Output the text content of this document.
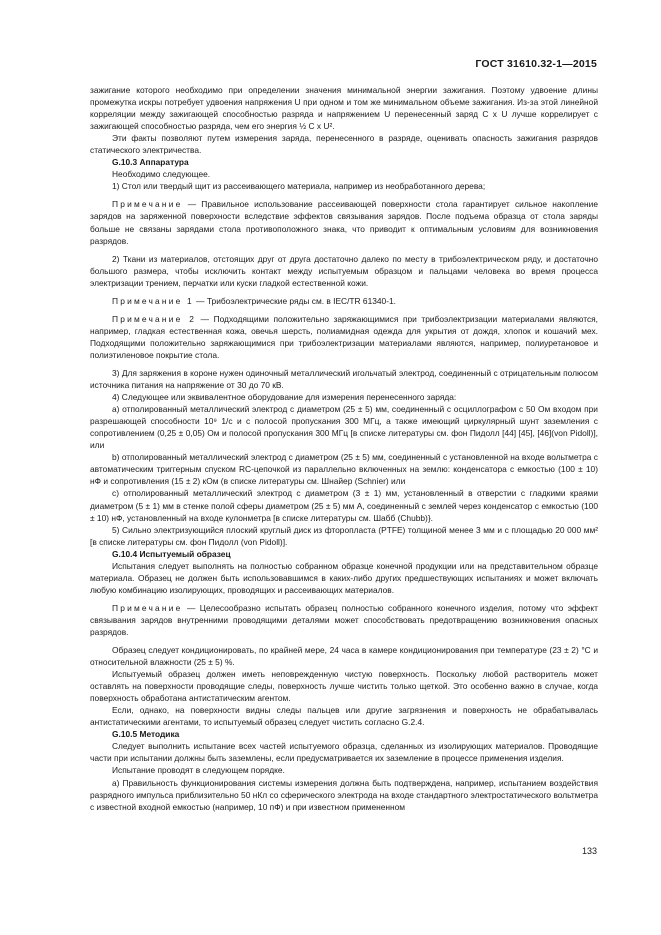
ГОСТ 31610.32-1—2015

зажигание которого необходимо при определении значения минимальной энергии зажигания. Поэтому удвоение длины промежутка искры потребует удвоения напряжения U при одном и том же минимальном объеме зажигания. Из-за этой линейной корреляции между зажигающей способностью разряда и напряжением U перенесенный заряд C x U лучше коррелирует с зажигающей способностью разряда, чем его энергия ½ C x U².

Эти факты позволяют путем измерения заряда, перенесенного в разряде, оценивать опасность зажигания разрядов статического электричества.

G.10.3 Аппаратура

Необходимо следующее.

1) Стол или твердый щит из рассеивающего материала, например из необработанного дерева;

Примечание — Правильное использование рассеивающей поверхности стола гарантирует сильное накопление зарядов на заряженной поверхности вследствие эффектов связывания зарядов. После подъема образца от стола заряды больше не связаны зарядами стола противоположного знака, что приводит к оптимальным условиям для возникновения разрядов.

2) Ткани из материалов, отстоящих друг от друга достаточно далеко по месту в трибоэлектрическом ряду, и достаточно большого размера, чтобы исключить контакт между испытуемым образцом и пальцами человека во время процесса электризации трением, перчатки или куски гладкой естественной кожи.

Примечание 1 — Трибоэлектрические ряды см. в IEC/TR 61340-1.

Примечание 2 — Подходящими положительно заряжающимися при трибоэлектризации материалами являются, например, гладкая естественная кожа, овечья шерсть, полиамидная одежда для укрытия от дождя, хлопок и кошачий мех. Подходящими положительно заряжающимися при трибоэлектризации материалами являются, например, полиуретановое и полиэтиленовое покрытие стола.

3) Для заряжения в короне нужен одиночный металлический игольчатый электрод, соединенный с отрицательным полюсом источника питания на напряжение от 30 до 70 кВ.

4) Следующее или эквивалентное оборудование для измерения перенесенного заряда:

а) отполированный металлический электрод с диаметром (25 ± 5) мм, соединенный с осциллографом с 50 Ом входом при разрешающей способности 10⁹ 1/с и с полосой пропускания 300 МГц, а также имеющий циркулярный шунт заземления с сопротивлением (0,25 ± 0,05) Ом и полосой пропускания 300 МГц [в списке литературы см. фон Пидолл [44] [45], [46](von Pidoll)], или

b) отполированный металлический электрод с диаметром (25 ± 5) мм, соединенный с установленной на входе вольтметра с автоматическим триггерным спуском RC-цепочкой из параллельно включенных на землю: конденсатора с емкостью (100 ± 10) нФ и сопротивления (15 ± 2) кОм (в списке литературы см. Шнайер (Schnier) или

c) отполированный металлический электрод с диаметром (3 ± 1) мм, установленный в отверстии с гладкими краями диаметром (5 ± 1) мм в стенке полой сферы диаметром (25 ± 5) мм А, соединенный с землей через конденсатор с емкостью (100 ± 10) нФ, установленный на входе кулонметра [в списке литературы см. Шабб (Chubb)}.

5) Сильно электризующийся плоский круглый диск из фторопласта (PTFE) толщиной менее 3 мм и с площадью 20 000 мм² [в списке литературы см. фон Пидолл (von Pidoll)].

G.10.4 Испытуемый образец

Испытания следует выполнять на полностью собранном образце конечной продукции или на представительном образце материала. Образец не должен быть использовавшимся в каких-либо других предшествующих испытаниях и может включать любую комбинацию изолирующих, проводящих и рассеивающих материалов.

Примечание — Целесообразно испытать образец полностью собранного конечного изделия, потому что эффект связывания зарядов внутренними проводящими деталями может способствовать предотвращению возникновения опасных разрядов.

Образец следует кондиционировать, по крайней мере, 24 часа в камере кондиционирования при температуре (23 ± 2) °С и относительной влажности (25 ± 5) %.

Испытуемый образец должен иметь неповрежденную чистую поверхность. Поскольку любой растворитель может оставлять на поверхности проводящие следы, поверхность лучше чистить только щеткой. Это особенно важно в случае, когда поверхность обработана антистатическим агентом.

Если, однако, на поверхности видны следы пальцев или другие загрязнения и поверхность не обрабатывалась антистатическими агентами, то испытуемый образец следует чистить согласно G.2.4.

G.10.5 Методика

Следует выполнить испытание всех частей испытуемого образца, сделанных из изолирующих материалов. Проводящие части при испытании должны быть заземлены, если предусматривается их заземление в процессе применения изделия.

Испытание проводят в следующем порядке.

а) Правильность функционирования системы измерения должна быть подтверждена, например, испытанием воздействия разрядного импульса приблизительно 50 нКл со сферического электрода на входе стандартного электростатического вольтметра с известной входной емкостью (например, 10 пФ) и при известном примененном

133
